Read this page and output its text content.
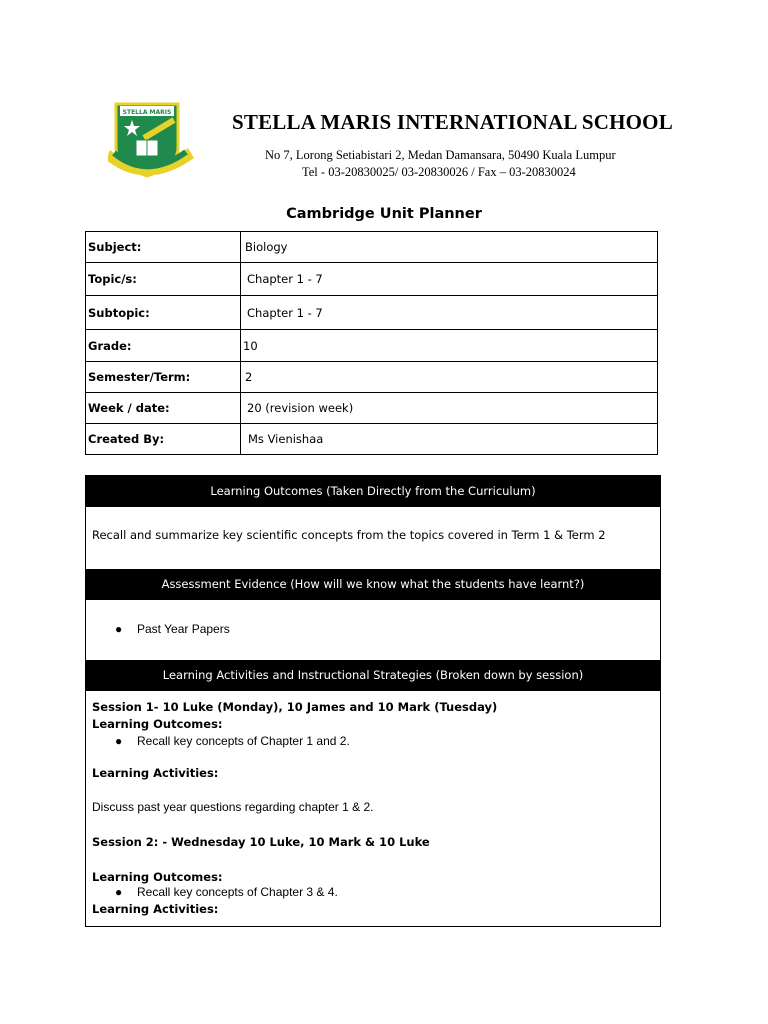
STELLA MARIS	STELLA MARIS INTERNATIONAL SCHOOL
No 7, Lorong Setiabistari 2, Medan Damansara, 50490 Kuala Lumpur
Tel - 03-20830025/ 03-20830026 / Fax – 03-20830024
Cambridge Unit Planner
Subject:	Biology
Topic/s:	Chapter 1 - 7
Subtopic:	Chapter 1 - 7
Grade:	10
Semester/Term:	2
Week / date:	20 (revision week)
Created By:	Ms Vienishaa
Learning Outcomes (Taken Directly from the Curriculum)
Recall and summarize key scientific concepts from the topics covered in Term 1 & Term 2
Assessment Evidence (How will we know what the students have learnt?)
● Past Year Papers
Learning Activities and Instructional Strategies (Broken down by session)
Session 1- 10 Luke (Monday), 10 James and 10 Mark (Tuesday)
Learning Outcomes:
● Recall key concepts of Chapter 1 and 2.
Learning Activities:
Discuss past year questions regarding chapter 1 & 2.
Session 2: - Wednesday 10 Luke, 10 Mark & 10 Luke
Learning Outcomes:
● Recall key concepts of Chapter 3 & 4.
Learning Activities:
